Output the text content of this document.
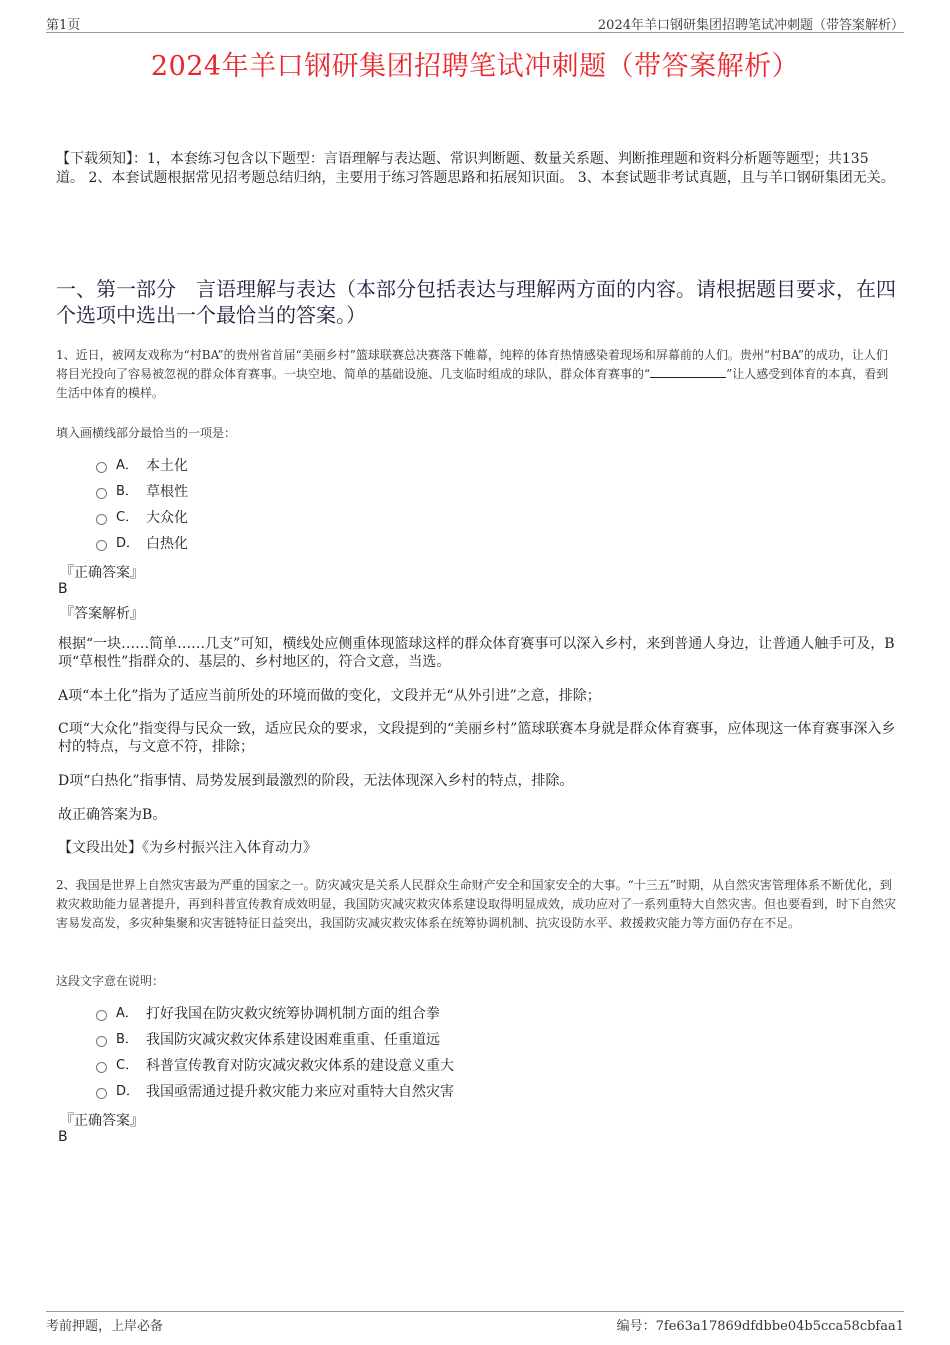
第1页	2024年羊口钢研集团招聘笔试冲刺题（带答案解析）
2024年羊口钢研集团招聘笔试冲刺题（带答案解析）
【下载须知】：1，本套练习包含以下题型：言语理解与表达题、常识判断题、数量关系题、判断推理题和资料分析题等题型；共135道。 2、本套试题根据常见招考题总结归纳，主要用于练习答题思路和拓展知识面。 3、本套试题非考试真题，且与羊口钢研集团无关。
一、第一部分　言语理解与表达（本部分包括表达与理解两方面的内容。请根据题目要求，在四个选项中选出一个最恰当的答案。）
1、近日，被网友戏称为“村BA”的贵州省首届“美丽乡村”篮球联赛总决赛落下帷幕，纯粹的体育热情感染着现场和屏幕前的人们。贵州“村BA”的成功，让人们将目光投向了容易被忽视的群众体育赛事。一块空地、简单的基础设施、几支临时组成的球队，群众体育赛事的“	”让人感受到体育的本真，看到生活中体育的模样。
填入画横线部分最恰当的一项是：
A． 本土化
B． 草根性
C． 大众化
D． 白热化
『正确答案』
B
『答案解析』
根据“一块……简单……几支”可知，横线处应侧重体现篮球这样的群众体育赛事可以深入乡村，来到普通人身边，让普通人触手可及，B项“草根性”指群众的、基层的、乡村地区的，符合文意，当选。
A项“本土化”指为了适应当前所处的环境而做的变化，文段并无“从外引进”之意，排除；
C项“大众化”指变得与民众一致，适应民众的要求，文段提到的“美丽乡村”篮球联赛本身就是群众体育赛事，应体现这一体育赛事深入乡村的特点，与文意不符，排除；
D项“白热化”指事情、局势发展到最激烈的阶段，无法体现深入乡村的特点，排除。
故正确答案为B。
【文段出处】《为乡村振兴注入体育动力》
2、我国是世界上自然灾害最为严重的国家之一。防灾减灾是关系人民群众生命财产安全和国家安全的大事。“十三五”时期，从自然灾害管理体系不断优化，到救灾救助能力显著提升，再到科普宣传教育成效明显，我国防灾减灾救灾体系建设取得明显成效，成功应对了一系列重特大自然灾害。但也要看到，时下自然灾害易发高发，多灾种集聚和灾害链特征日益突出，我国防灾减灾救灾体系在统筹协调机制、抗灾设防水平、救援救灾能力等方面仍存在不足。
这段文字意在说明：
A． 打好我国在防灾救灾统筹协调机制方面的组合拳
B． 我国防灾减灾救灾体系建设困难重重、任重道远
C． 科普宣传教育对防灾减灾救灾体系的建设意义重大
D． 我国亟需通过提升救灾能力来应对重特大自然灾害
『正确答案』
B
考前押题，上岸必备	编号：7fe63a17869dfdbbe04b5cca58cbfaa1
